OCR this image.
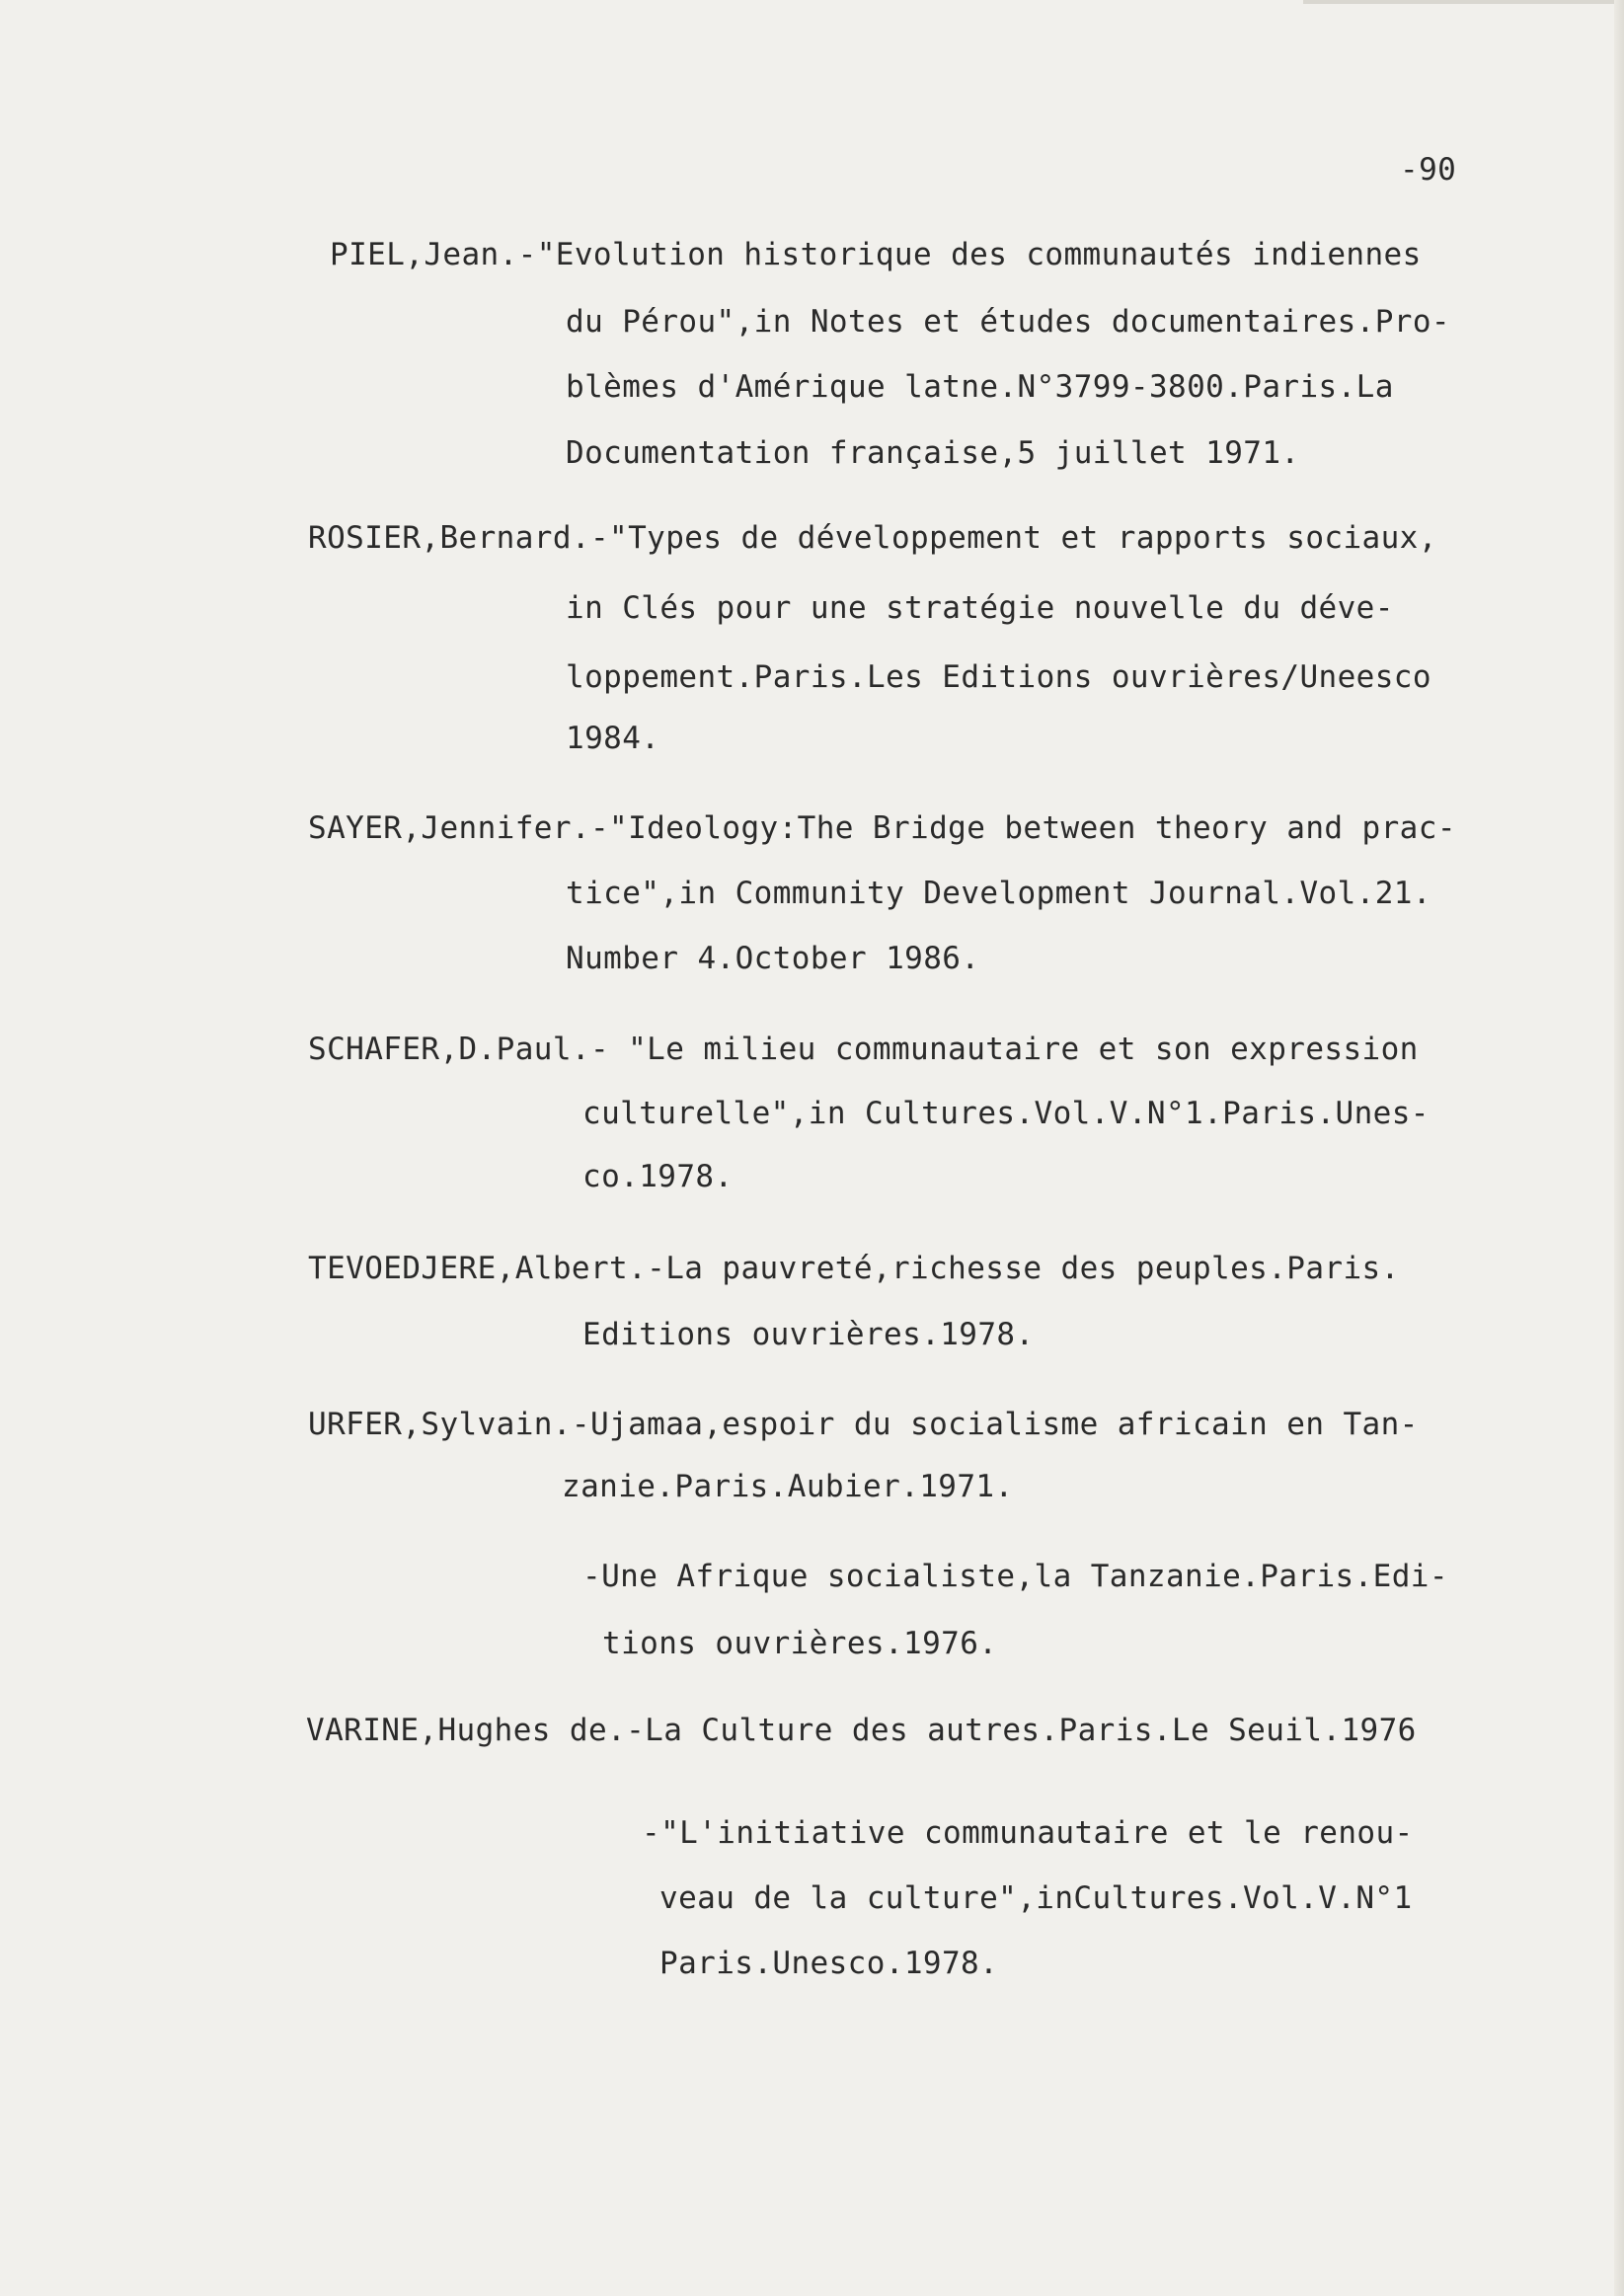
-90
PIEL,Jean.-"Evolution historique des communautés indiennes
du Pérou",in Notes et études documentaires.Pro-
blèmes d'Amérique latne.N°3799-3800.Paris.La
Documentation française,5 juillet 1971.
ROSIER,Bernard.-"Types de développement et rapports sociaux,
in Clés pour une stratégie nouvelle du déve-
loppement.Paris.Les Editions ouvrières/Uneesco
1984.
SAYER,Jennifer.-"Ideology:The Bridge between theory and prac-
tice",in Community Development Journal.Vol.21.
Number 4.October 1986.
SCHAFER,D.Paul.- "Le milieu communautaire et son expression
culturelle",in Cultures.Vol.V.N°1.Paris.Unes-
co.1978.
TEVOEDJERE,Albert.-La pauvreté,richesse des peuples.Paris.
Editions ouvrières.1978.
URFER,Sylvain.-Ujamaa,espoir du socialisme africain en Tan-
zanie.Paris.Aubier.1971.
-Une Afrique socialiste,la Tanzanie.Paris.Edi-
tions ouvrières.1976.
VARINE,Hughes de.-La Culture des autres.Paris.Le Seuil.1976
-"L'initiative communautaire et le renou-
veau de la culture",inCultures.Vol.V.N°1
Paris.Unesco.1978.
